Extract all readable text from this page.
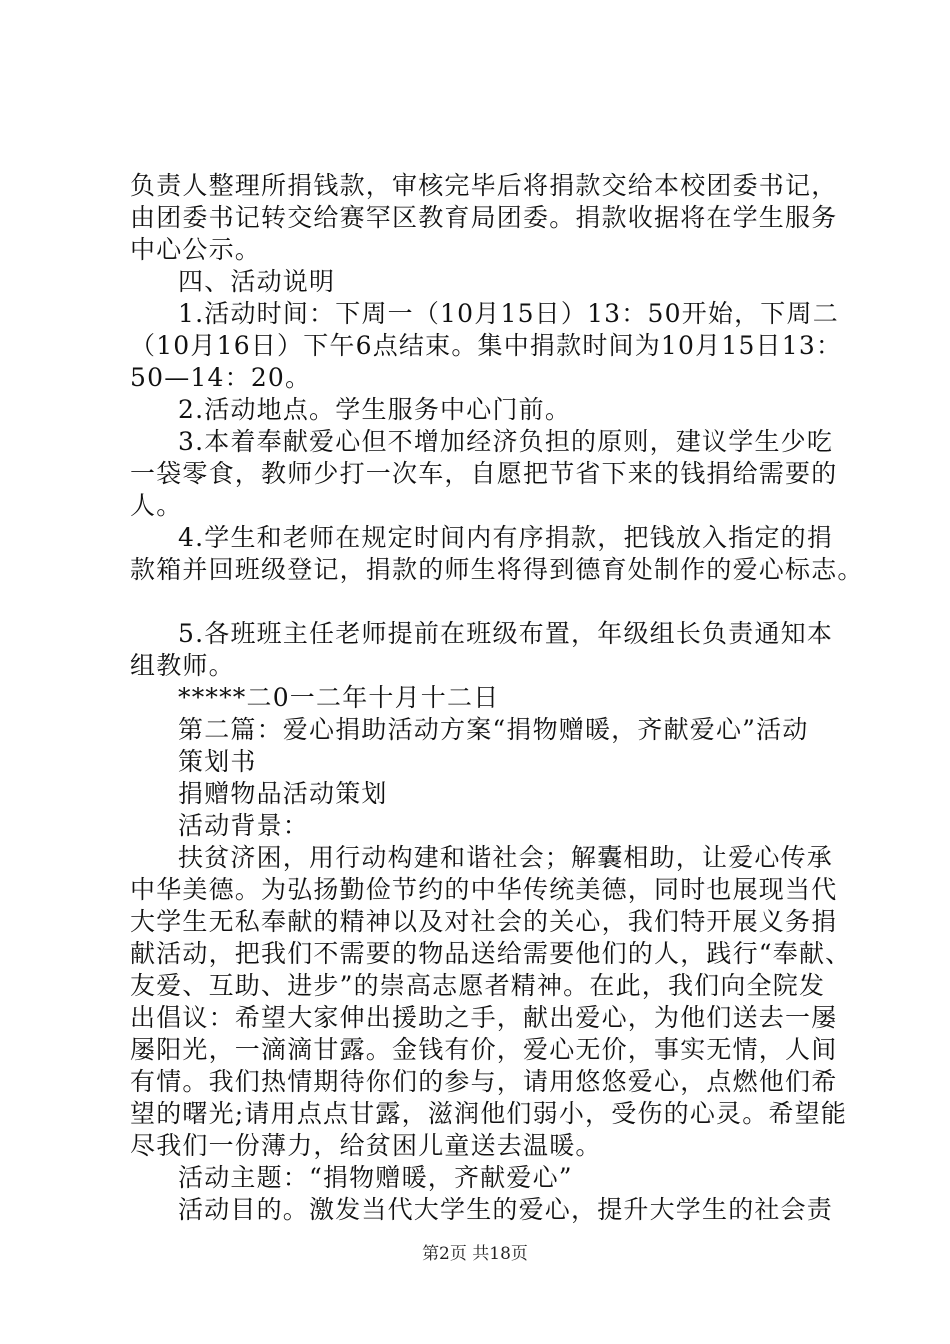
负责人整理所捐钱款，审核完毕后将捐款交给本校团委书记，

由团委书记转交给赛罕区教育局团委。捐款收据将在学生服务

中心公示。

四、活动说明

1.活动时间：下周一（10月15日）13：50开始，下周二

（10月16日）下午6点结束。集中捐款时间为10月15日13：

50—14：20。

2.活动地点。学生服务中心门前。

3.本着奉献爱心但不增加经济负担的原则，建议学生少吃

一袋零食，教师少打一次车，自愿把节省下来的钱捐给需要的

人。

4.学生和老师在规定时间内有序捐款，把钱放入指定的捐

款箱并回班级登记，捐款的师生将得到德育处制作的爱心标志。

5.各班班主任老师提前在班级布置，年级组长负责通知本

组教师。

*****二0一二年十月十二日

第二篇：爱心捐助活动方案“捐物赠暖，齐献爱心”活动

策划书

捐赠物品活动策划

活动背景：

扶贫济困，用行动构建和谐社会；解囊相助，让爱心传承

中华美德。为弘扬勤俭节约的中华传统美德，同时也展现当代

大学生无私奉献的精神以及对社会的关心，我们特开展义务捐

献活动，把我们不需要的物品送给需要他们的人，践行“奉献、

友爱、互助、进步”的崇高志愿者精神。在此，我们向全院发

出倡议：希望大家伸出援助之手，献出爱心，为他们送去一屡

屡阳光，一滴滴甘露。金钱有价，爱心无价，事实无情，人间

有情。我们热情期待你们的参与，请用悠悠爱心，点燃他们希

望的曙光;请用点点甘露，滋润他们弱小，受伤的心灵。希望能

尽我们一份薄力，给贫困儿童送去温暖。

活动主题：“捐物赠暖，齐献爱心”

活动目的。激发当代大学生的爱心，提升大学生的社会责

第2页 共18页
